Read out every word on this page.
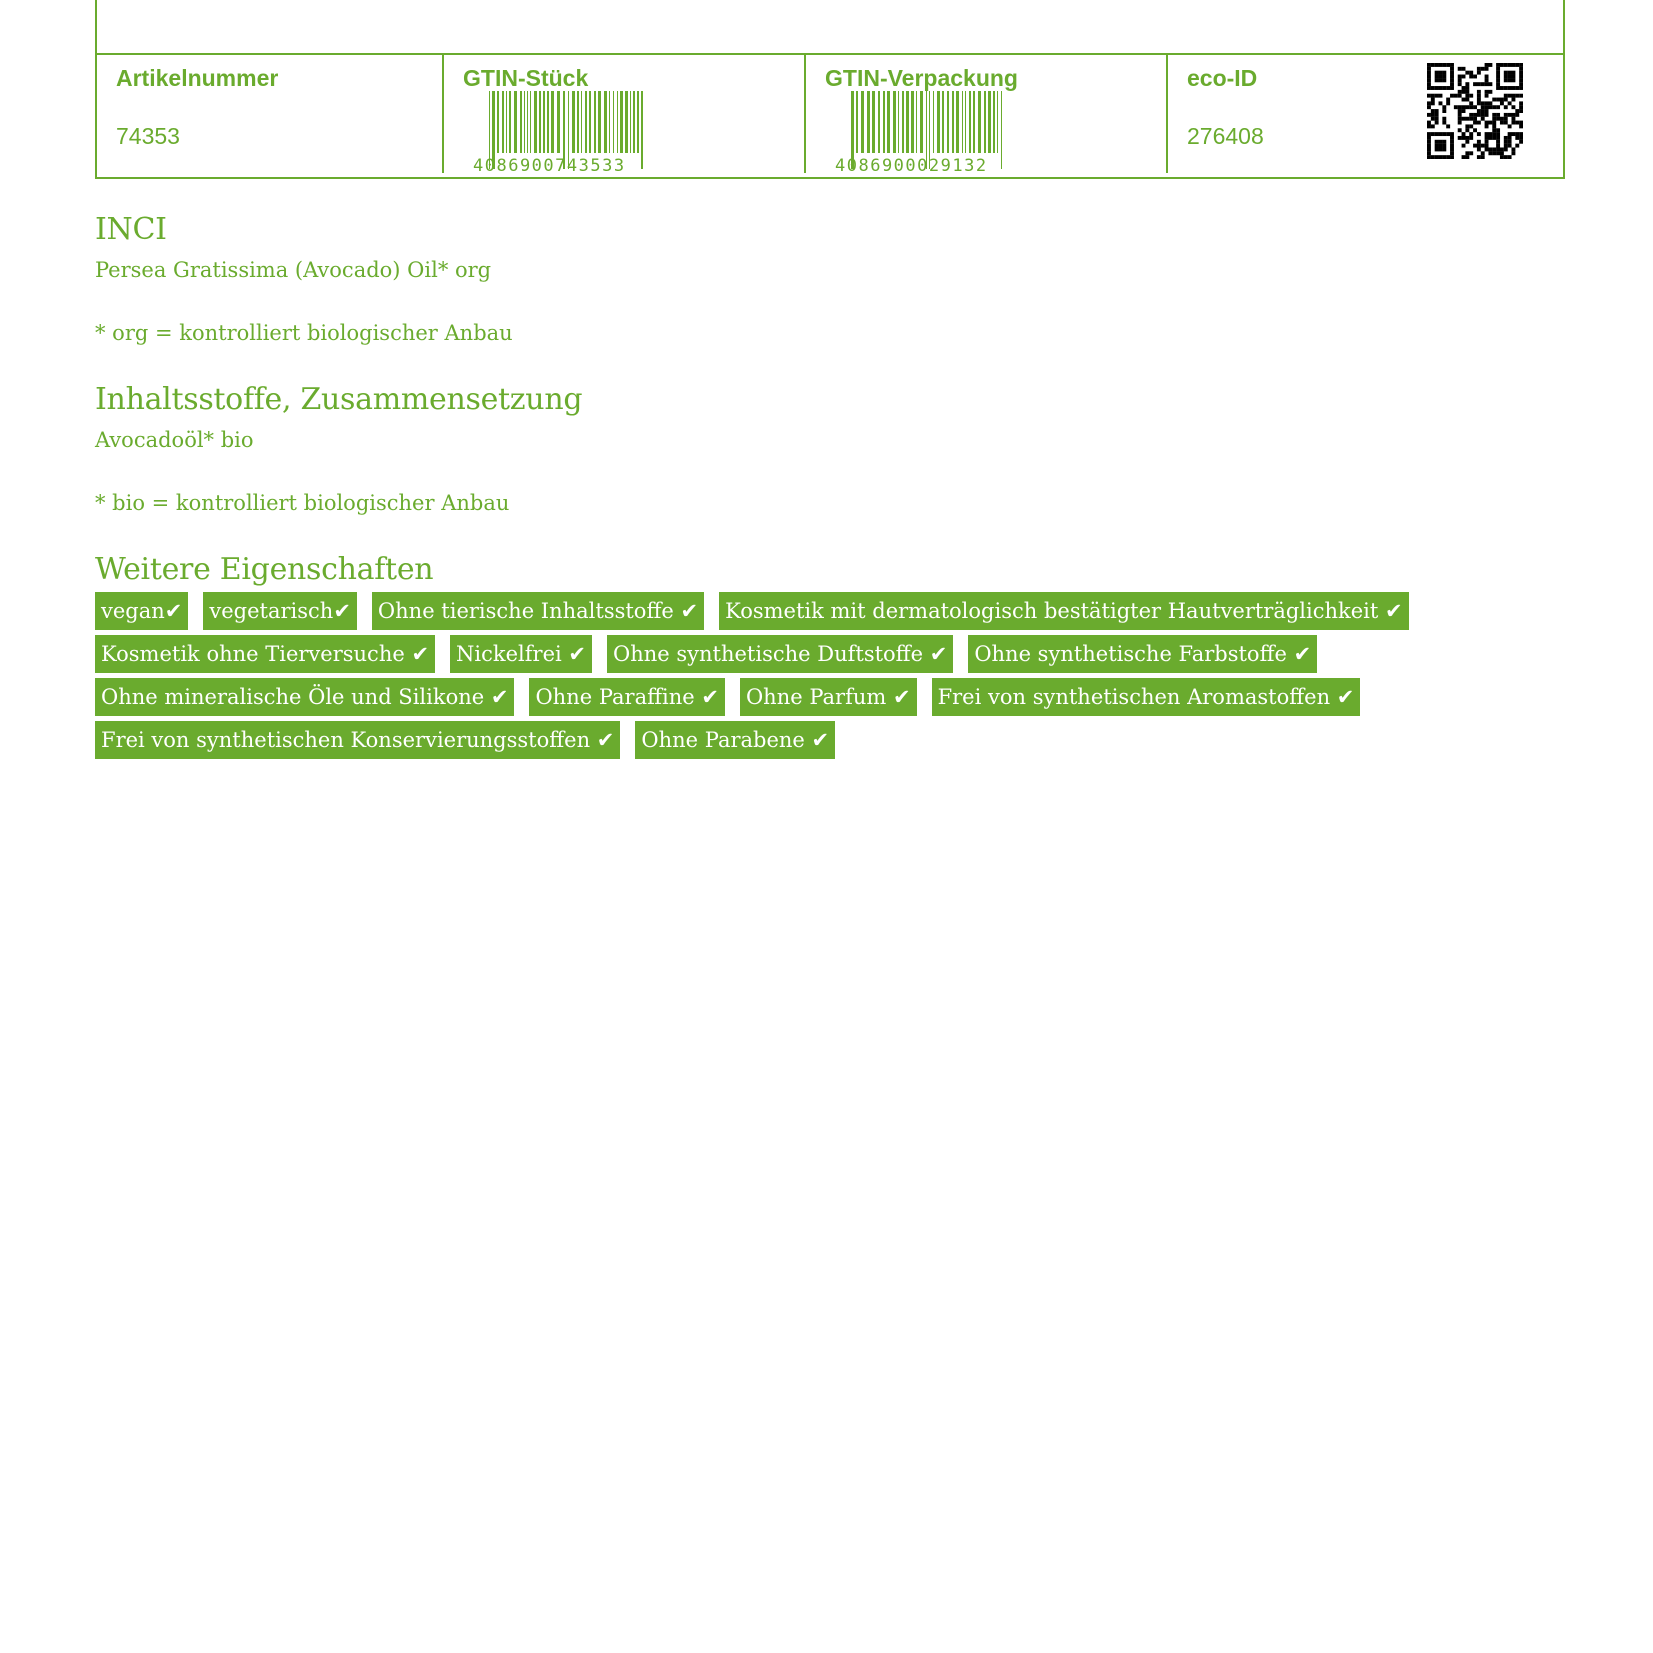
Artikelnummer
74353
GTIN-Stück
4086900743533
GTIN-Verpackung
4086900029132
eco-ID
276408
INCI
Persea Gratissima (Avocado) Oil* org
* org = kontrolliert biologischer Anbau
Inhaltsstoffe, Zusammensetzung
Avocadoöl* bio
* bio = kontrolliert biologischer Anbau
Weitere Eigenschaften
vegan✔ vegetarisch✔ Ohne tierische Inhaltsstoffe ✔ Kosmetik mit dermatologisch bestätigter Hautverträglichkeit ✔
Kosmetik ohne Tierversuche ✔ Nickelfrei ✔ Ohne synthetische Duftstoffe ✔ Ohne synthetische Farbstoffe ✔
Ohne mineralische Öle und Silikone ✔ Ohne Paraffine ✔ Ohne Parfum ✔ Frei von synthetischen Aromastoffen ✔
Frei von synthetischen Konservierungsstoffen ✔ Ohne Parabene ✔
